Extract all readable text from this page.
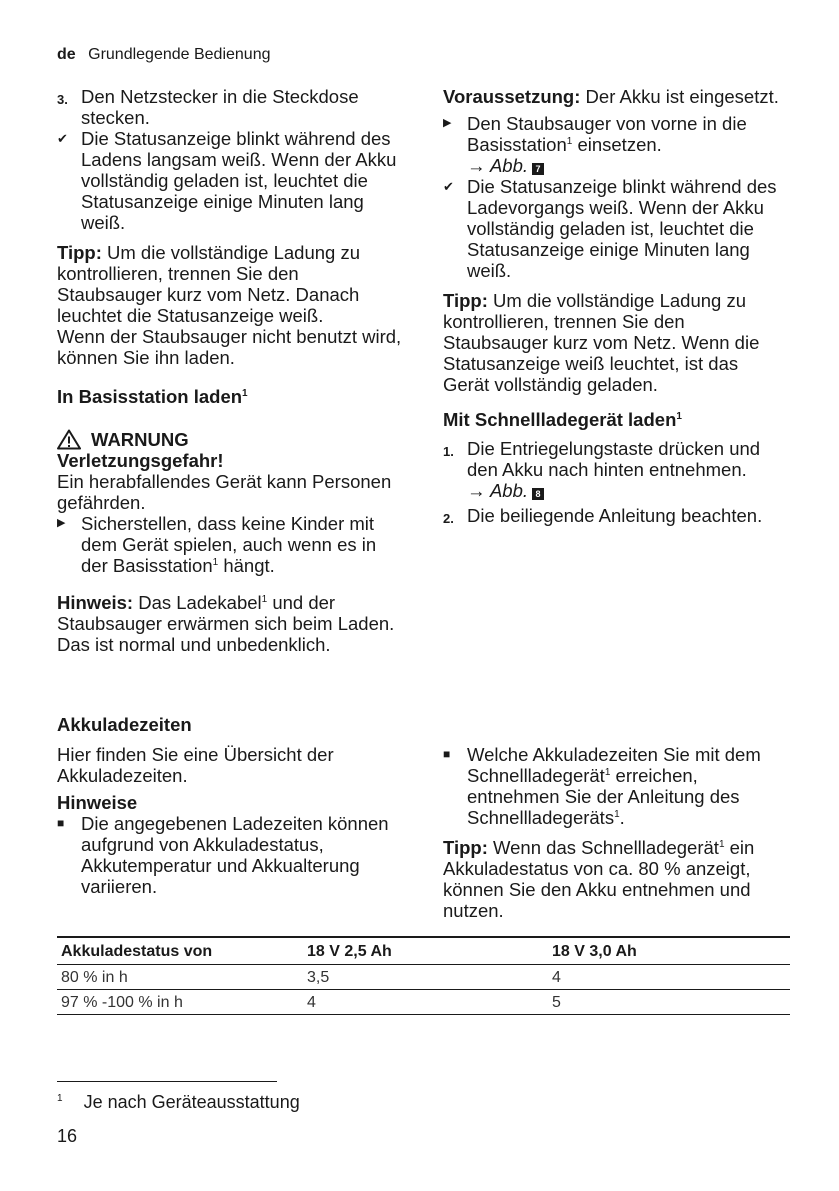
de Grundlegende Bedienung
3. Den Netzstecker in die Steckdose stecken.
✔ Die Statusanzeige blinkt während des Ladens langsam weiß. Wenn der Akku vollständig geladen ist, leuchtet die Statusanzeige einige Minuten lang weiß.

Tipp: Um die vollständige Ladung zu kontrollieren, trennen Sie den Staubsauger kurz vom Netz. Danach leuchtet die Statusanzeige weiß.

Wenn der Staubsauger nicht benutzt wird, können Sie ihn laden.

In Basisstation laden$^1$
WARNUNG
Verletzungsgefahr!

Ein herabfallendes Gerät kann Personen gefährden.

▶ Sicherstellen, dass keine Kinder mit dem Gerät spielen, auch wenn es in der Basisstation$^1$ hängt.

Hinweis: Das Ladekabel$^1$ und der Staubsauger erwärmen sich beim Laden. Das ist normal und unbedenklich.

Voraussetzung: Der Akku ist eingesetzt.

▶ Den Staubsauger von vorne in die Basisstation$^1$ einsetzen.
→ Abb. 7
✔ Die Statusanzeige blinkt während des Ladevorgangs weiß. Wenn der Akku vollständig geladen ist, leuchtet die Statusanzeige einige Minuten lang weiß.

Tipp: Um die vollständige Ladung zu kontrollieren, trennen Sie den Staubsauger kurz vom Netz. Wenn die Statusanzeige weiß leuchtet, ist das Gerät vollständig geladen.

Mit Schnellladegerät laden$^1$
1. Die Entriegelungstaste drücken und den Akku nach hinten entnehmen.
→ Abb. 8
2. Die beiliegende Anleitung beachten.
Akkuladezeiten

Hier finden Sie eine Übersicht der Akkuladezeiten.

Hinweise
■ Die angegebenen Ladezeiten können aufgrund von Akkuladestatus, Akkutemperatur und Akkualterung variieren.
■ Welche Akkuladezeiten Sie mit dem Schnellladegerät$^1$ erreichen, entnehmen Sie der Anleitung des Schnellladegeräts$^1$.

Tipp: Wenn das Schnellladegerät$^1$ ein Akkuladestatus von ca. 80 % anzeigt, können Sie den Akku entnehmen und nutzen.

Akkuladestatus von	18 V 2,5 Ah	18 V 3,0 Ah
80 % in h	3,5	4
97 % -100 % in h	4	5
$^1$ Je nach Geräteausstattung
16
